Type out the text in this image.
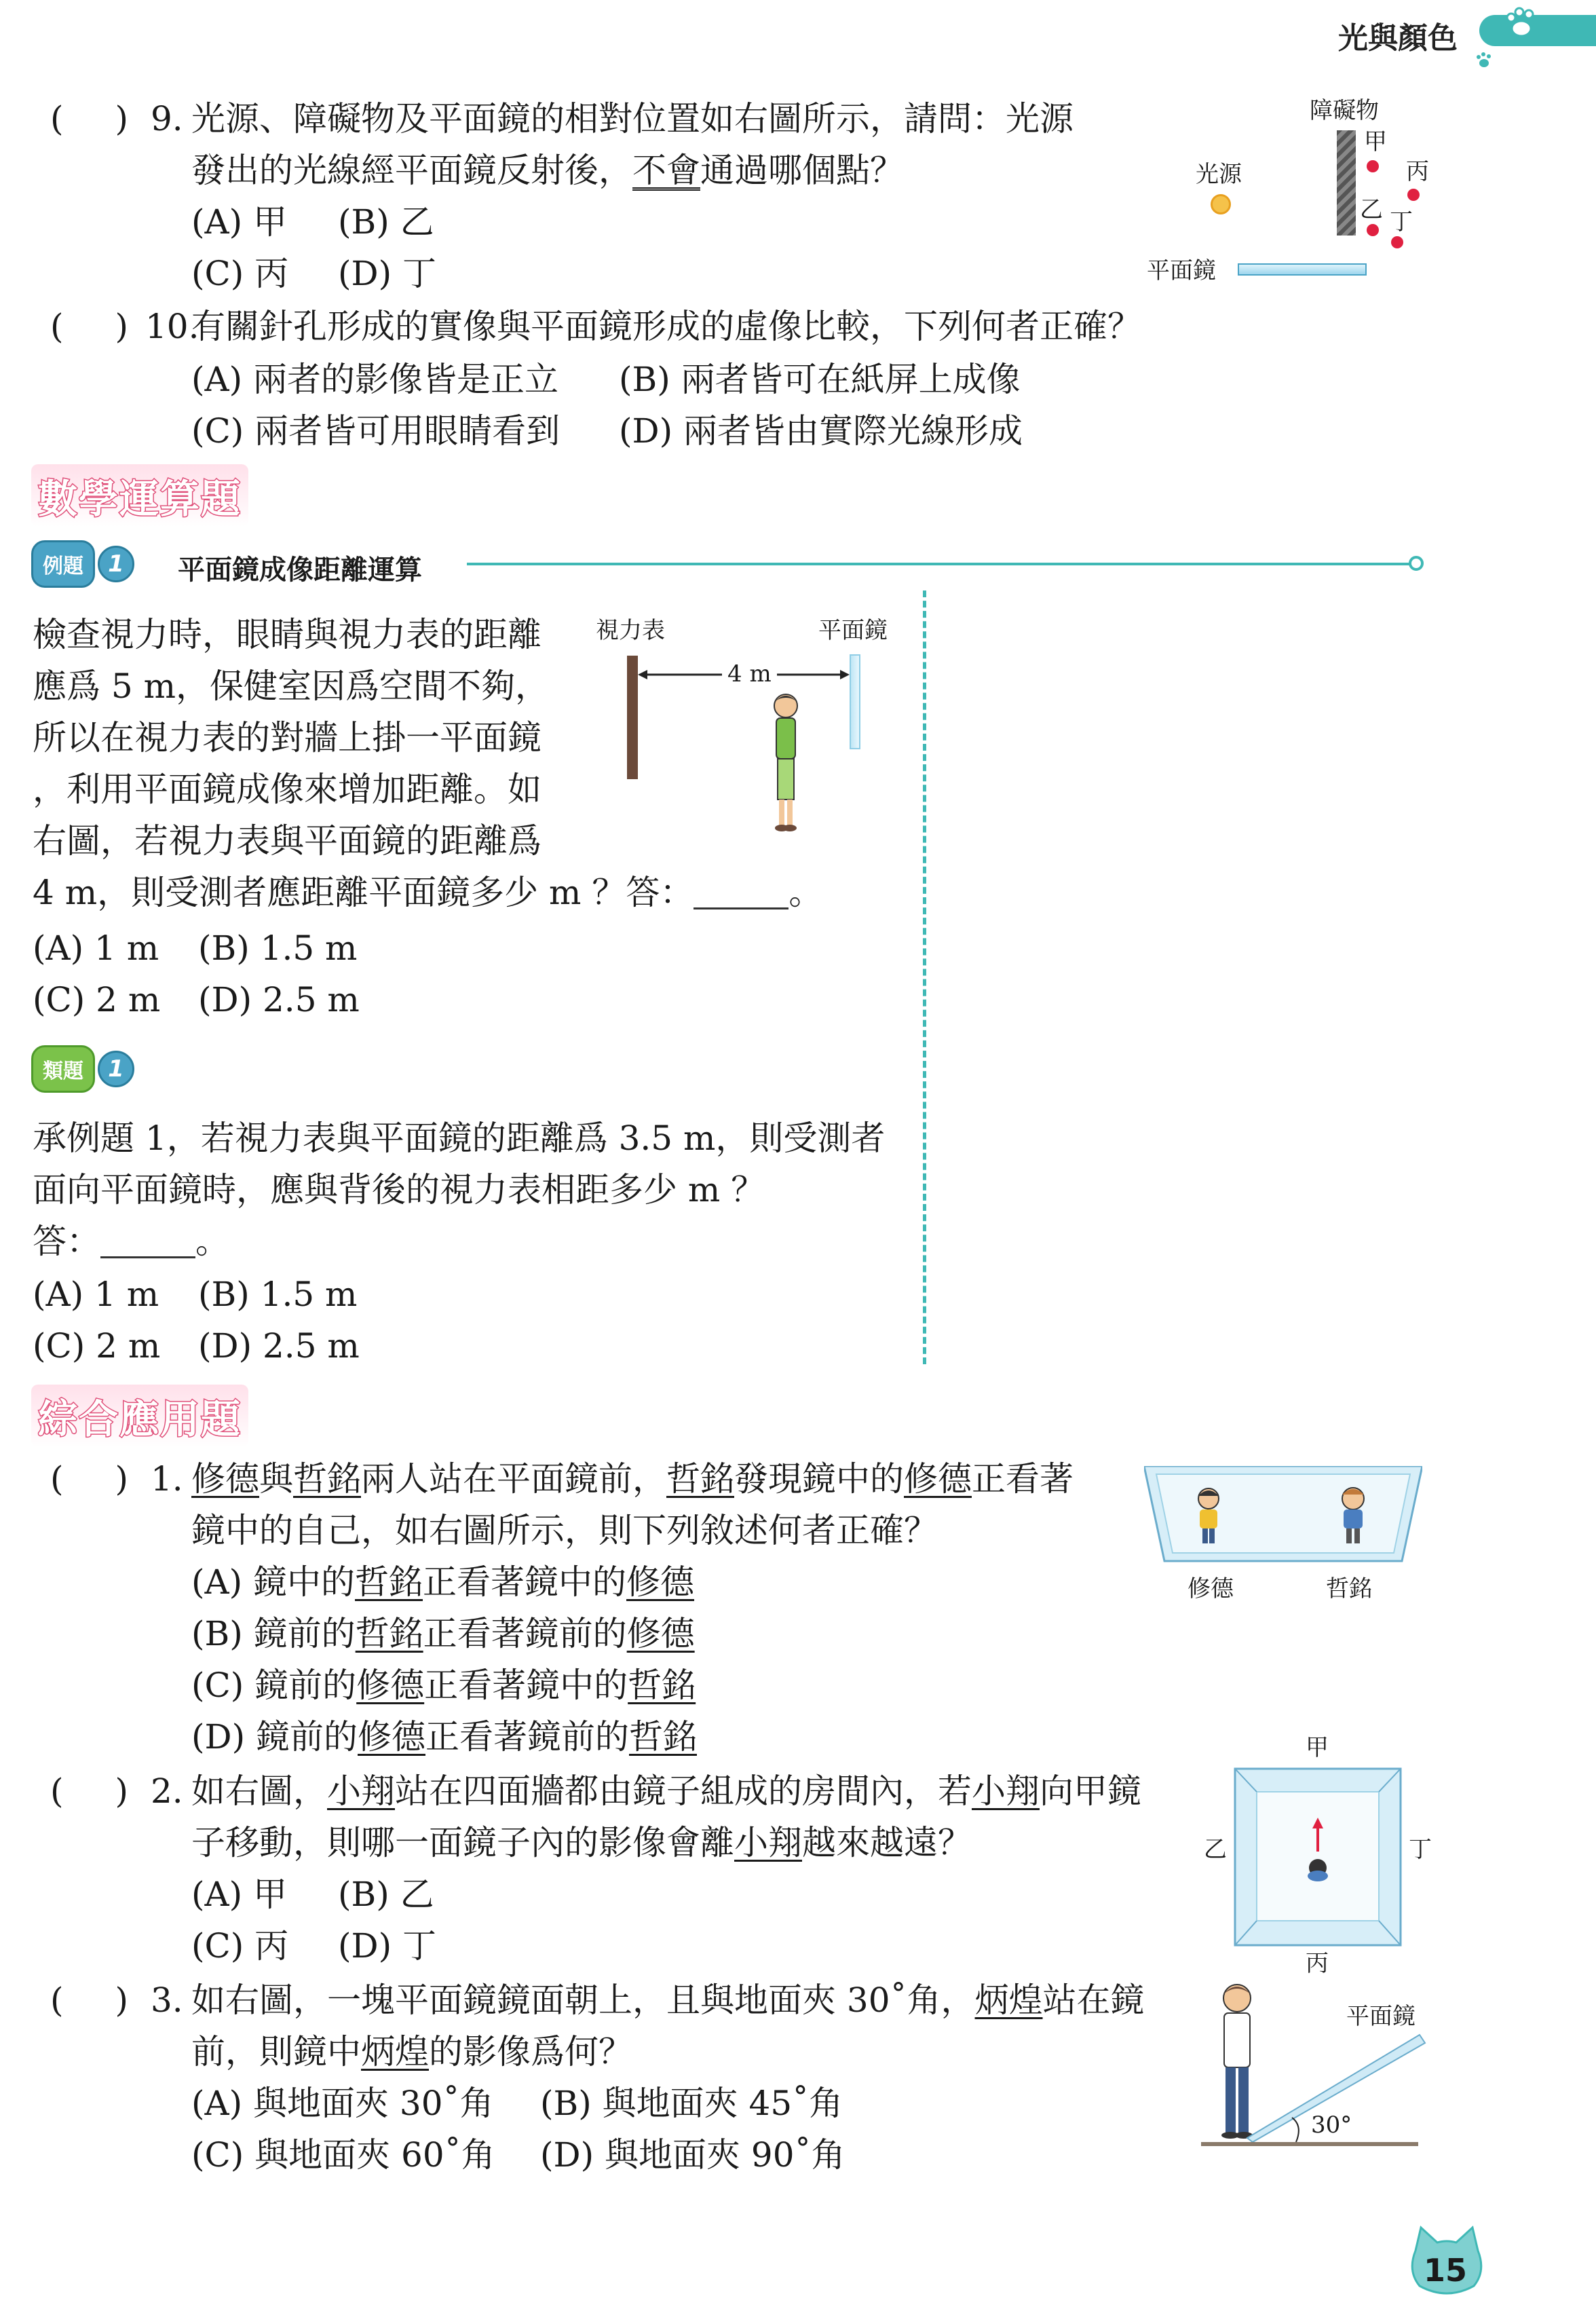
光與顏色
( ) 9. 光源、障礙物及平面鏡的相對位置如右圖所示，請問：光源
發出的光線經平面鏡反射後，不會通過哪個點？
(A) 甲 (B) 乙
(C) 丙 (D) 丁
障礙物
甲
丙
乙 丁
光源
平面鏡
( ) 10.
有關針孔形成的實像與平面鏡形成的虛像比較，下列何者正確？
(A) 兩者的影像皆是正立 (B) 兩者皆可在紙屏上成像
(C) 兩者皆可用眼睛看到 (D) 兩者皆由實際光線形成
數學運算題
例題	1	平面鏡成像距離運算
檢查視力時，眼睛與視力表的距離
應爲 5 m，保健室因爲空間不夠，
所以在視力表的對牆上掛一平面鏡
，利用平面鏡成像來增加距離。如
右圖，若視力表與平面鏡的距離爲
4 m，則受測者應距離平面鏡多少 m ？答：	。
(A) 1 m (B) 1.5 m
(C) 2 m (D) 2.5 m
視力表	平面鏡
4 m
類題	1
承例題 1，若視力表與平面鏡的距離爲 3.5 m，則受測者
面向平面鏡時，應與背後的視力表相距多少 m ？
答：	。
(A) 1 m (B) 1.5 m
(C) 2 m (D) 2.5 m
綜合應用題
( ) 1. 修德與哲銘兩人站在平面鏡前，哲銘發現鏡中的修德正看著
鏡中的自己，如右圖所示，則下列敘述何者正確？
(A) 鏡中的哲銘正看著鏡中的修德
(B) 鏡前的哲銘正看著鏡前的修德
(C) 鏡前的修德正看著鏡中的哲銘
(D) 鏡前的修德正看著鏡前的哲銘
修德	哲銘
( ) 2. 如右圖，小翔站在四面牆都由鏡子組成的房間內，若小翔向甲鏡
子移動，則哪一面鏡子內的影像會離小翔越來越遠？
(A) 甲 (B) 乙
(C) 丙 (D) 丁
甲
乙	丁
丙
( ) 3. 如右圖，一塊平面鏡鏡面朝上，且與地面夾 30˚角，炳煌站在鏡
前，則鏡中炳煌的影像爲何？
(A) 與地面夾 30˚角 (B) 與地面夾 45˚角
(C) 與地面夾 60˚角 (D) 與地面夾 90˚角
平面鏡
30°
15
